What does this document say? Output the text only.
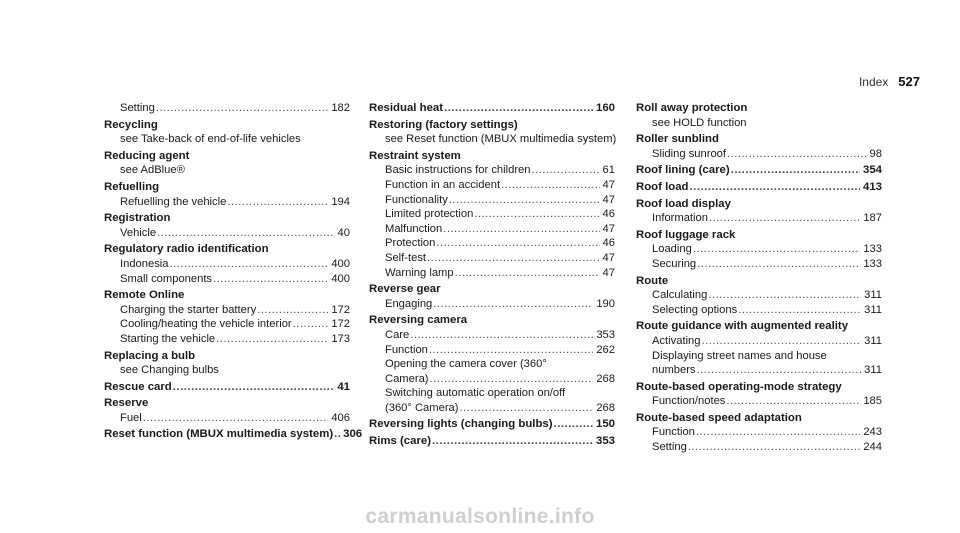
Index 527
Setting .....	182
Recycling
see Take-back of end-of-life vehicles
Reducing agent
see AdBlue®
Refuelling
Refuelling the vehicle .....	194
Registration
Vehicle .....	40
Regulatory radio identification
Indonesia .....	400
Small components .....	400
Remote Online
Charging the starter battery .....	172
Cooling/heating the vehicle interior .....	172
Starting the vehicle .....	173
Replacing a bulb
see Changing bulbs
Rescue card .....	41
Reserve
Fuel .....	406
Reset function (MBUX multimedia system) ..... 306
Residual heat .....	160
Restoring (factory settings)
see Reset function (MBUX multimedia system)
Restraint system
Basic instructions for children .....	61
Function in an accident .....	47
Functionality .....	47
Limited protection .....	46
Malfunction .....	47
Protection .....	46
Self-test .....	47
Warning lamp .....	47
Reverse gear
Engaging .....	190
Reversing camera
Care .....	353
Function .....	262
Opening the camera cover (360°
Camera) .....	268
Switching automatic operation on/off
(360° Camera) .....	268
Reversing lights (changing bulbs) .....	150
Rims (care) .....	353
Roll away protection
see HOLD function
Roller sunblind
Sliding sunroof .....	98
Roof lining (care) .....	354
Roof load .....	413
Roof load display
Information .....	187
Roof luggage rack
Loading .....	133
Securing .....	133
Route
Calculating .....	311
Selecting options .....	311
Route guidance with augmented reality
Activating .....	311
Displaying street names and house
numbers .....	311
Route-based operating-mode strategy
Function/notes .....	185
Route-based speed adaptation
Function .....	243
Setting .....	244
carmanualsonline.info
